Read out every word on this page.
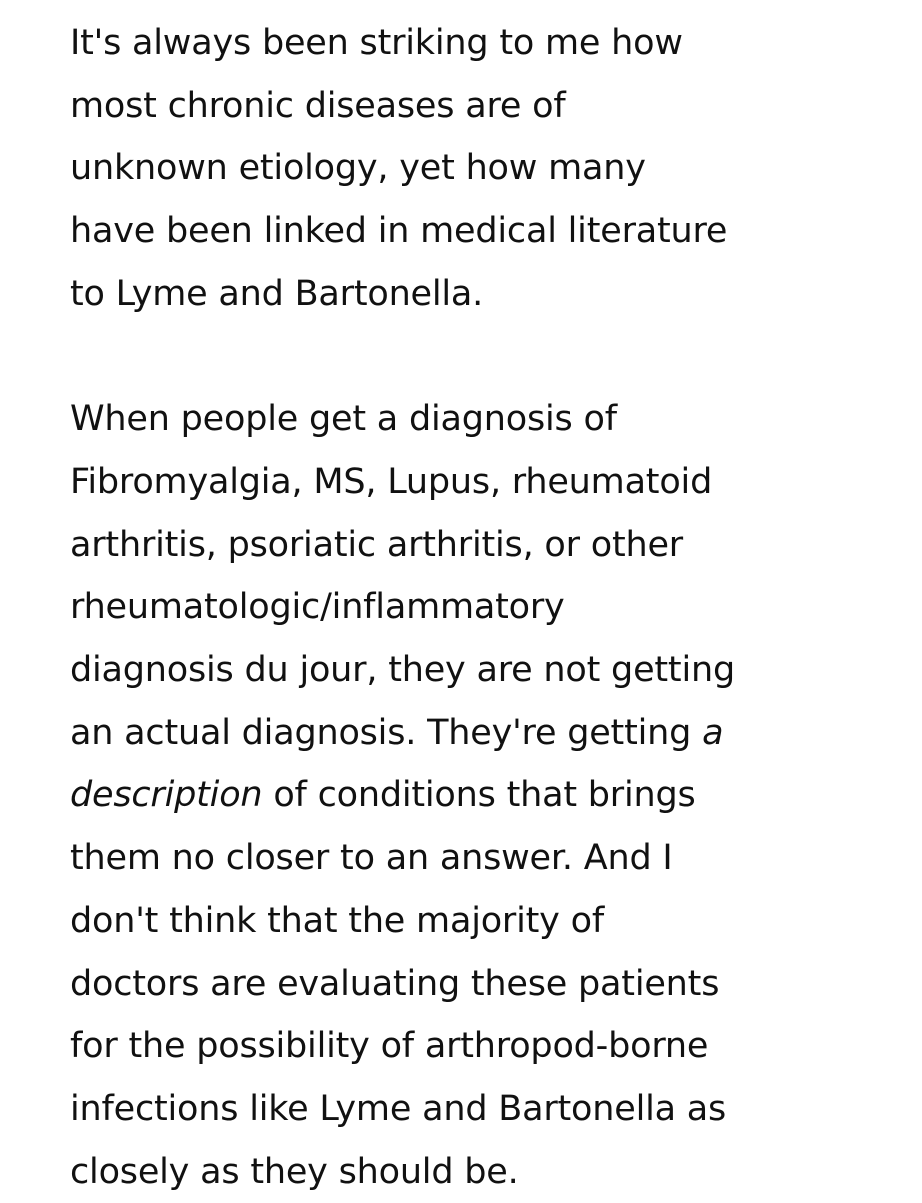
It's always been striking to me how
most chronic diseases are of
unknown etiology, yet how many
have been linked in medical literature
to Lyme and Bartonella.

When people get a diagnosis of
Fibromyalgia, MS, Lupus, rheumatoid
arthritis, psoriatic arthritis, or other
rheumatologic/inflammatory
diagnosis du jour, they are not getting
an actual diagnosis. They're getting a
description of conditions that brings
them no closer to an answer. And I
don't think that the majority of
doctors are evaluating these patients
for the possibility of arthropod-borne
infections like Lyme and Bartonella as
closely as they should be.
